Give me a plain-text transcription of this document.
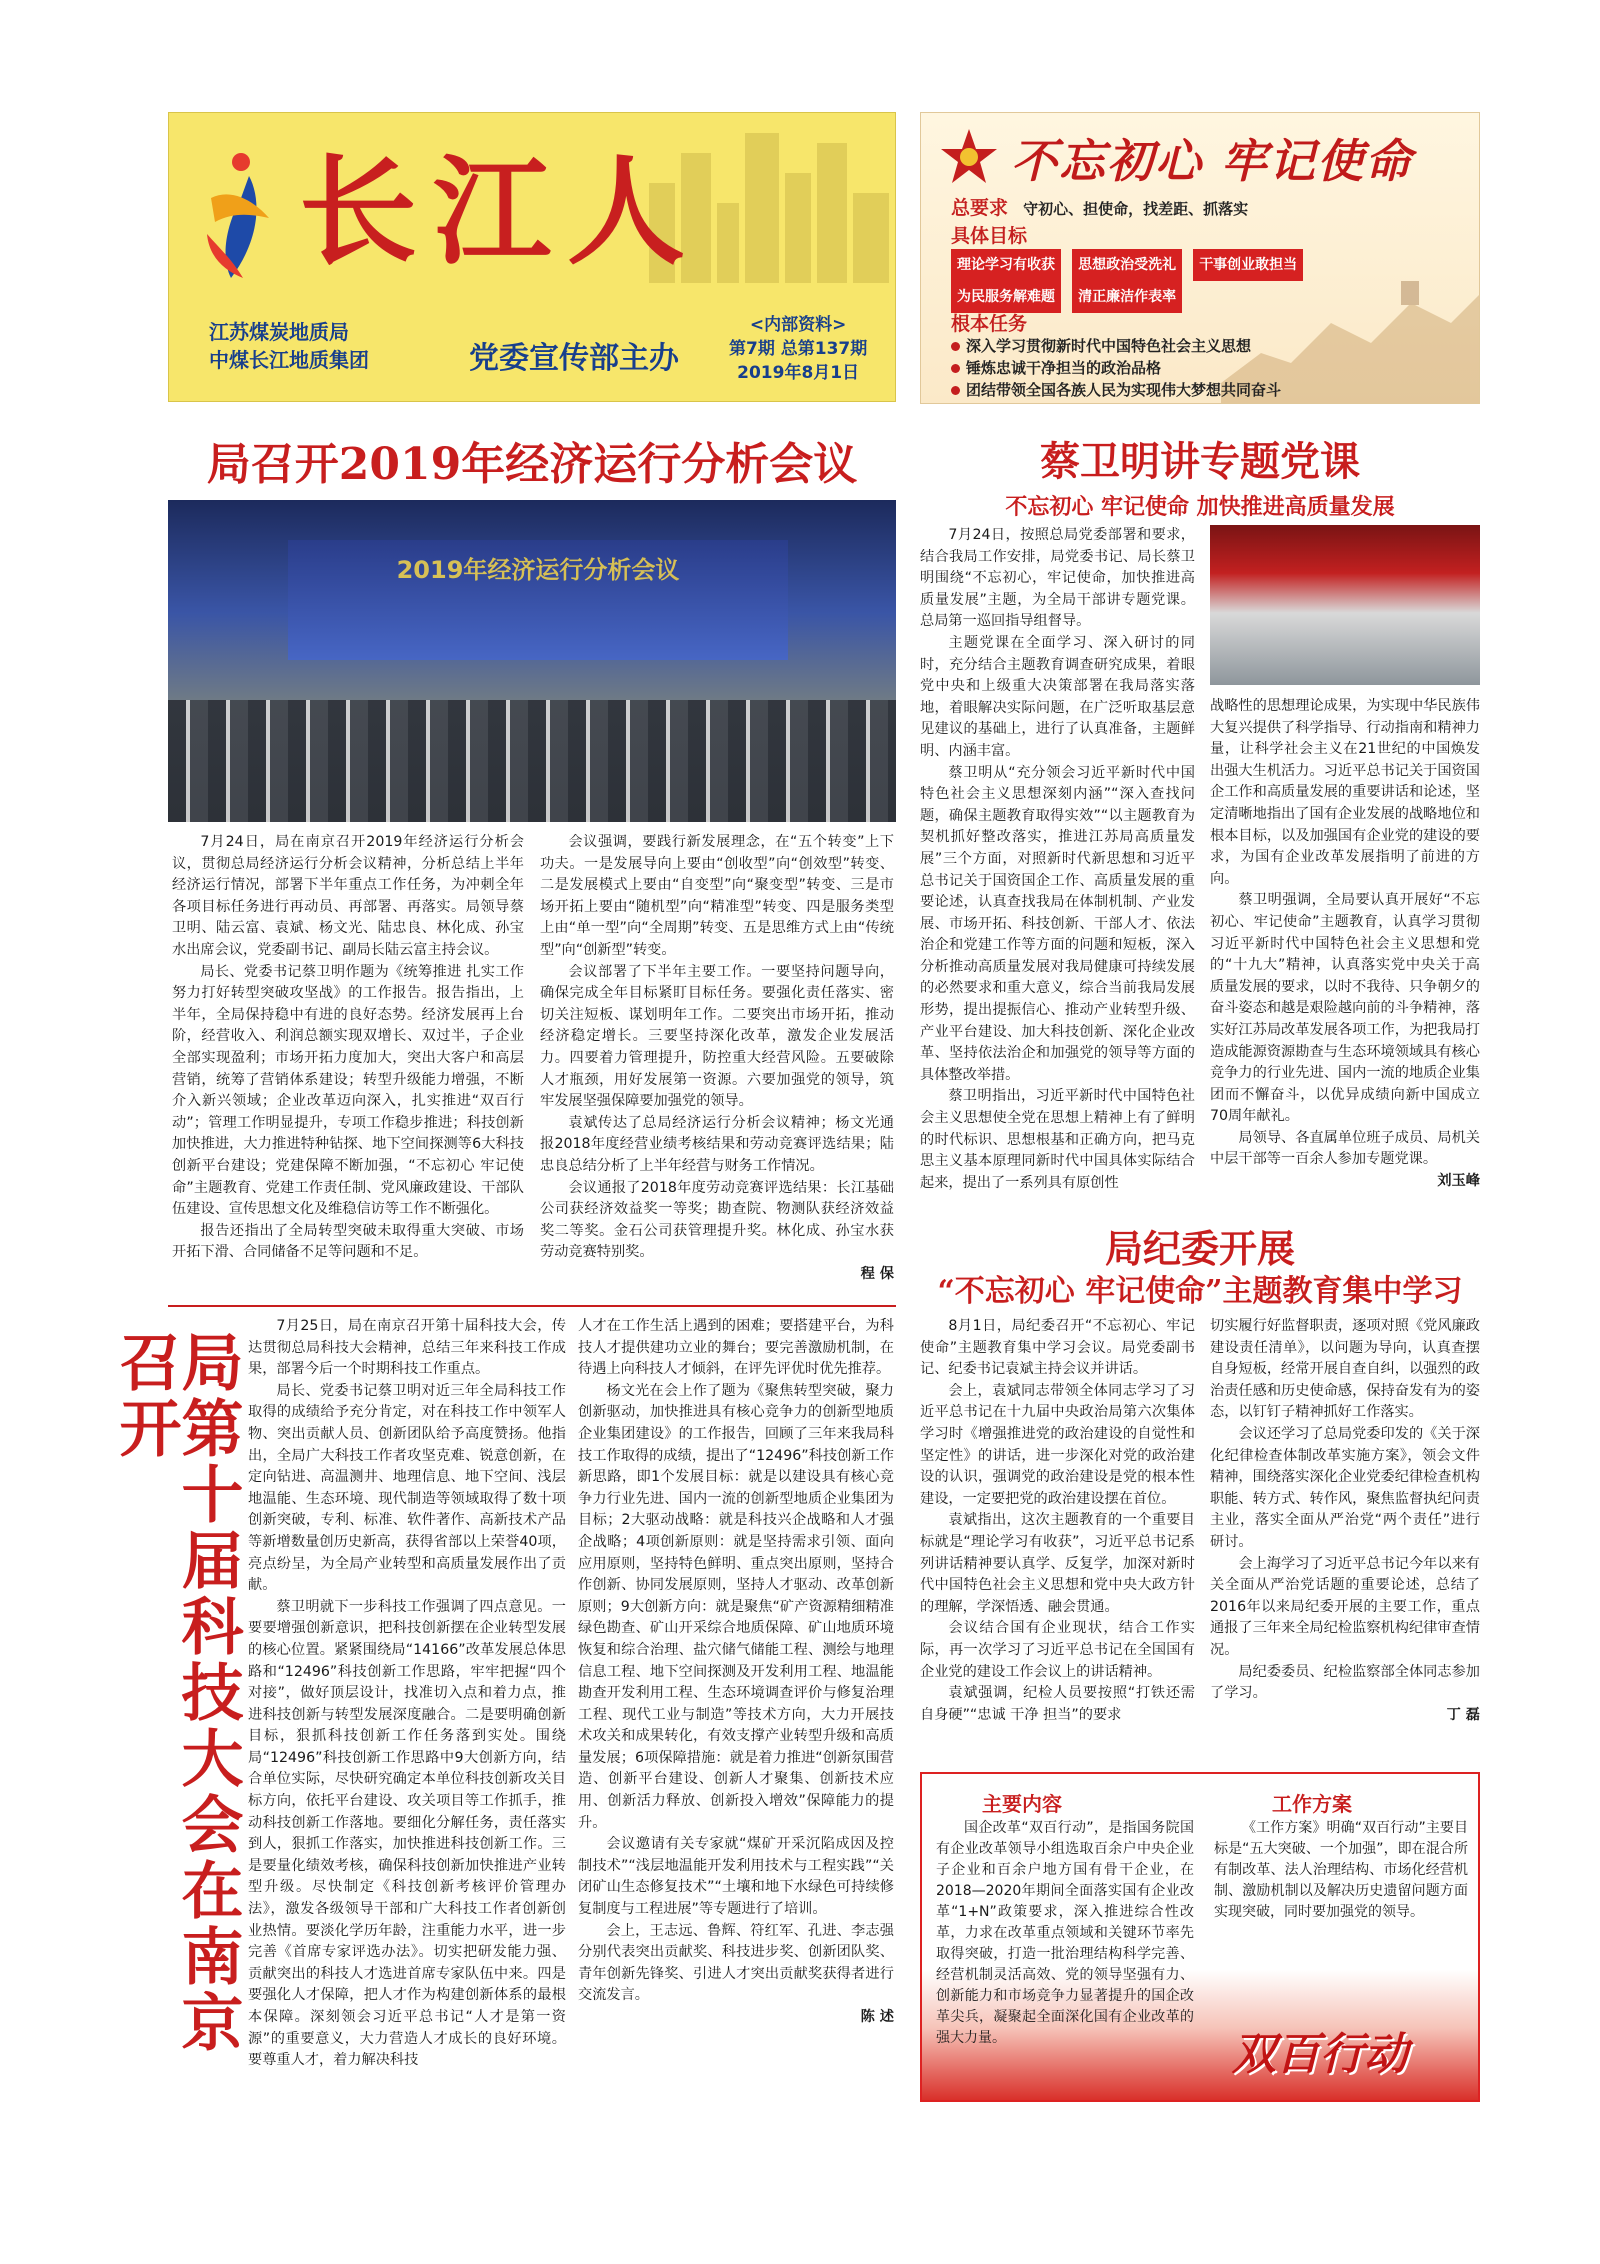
长江人
江苏煤炭地质局
中煤长江地质集团	党委宣传部主办
<内部资料>
第7期 总第137期
2019年8月1日
不忘初心 牢记使命
总要求 守初心、担使命，找差距、抓落实
具体目标
理论学习有收获 思想政治受洗礼 干事创业敢担当
为民服务解难题 清正廉洁作表率
根本任务
深入学习贯彻新时代中国特色社会主义思想
锤炼忠诚干净担当的政治品格
团结带领全国各族人民为实现伟大梦想共同奋斗
局召开2019年经济运行分析会议
2019年经济运行分析会议

7月24日，局在南京召开2019年经济运行分析会议，贯彻总局经济运行分析会议精神，分析总结上半年经济运行情况，部署下半年重点工作任务，为冲刺全年各项目标任务进行再动员、再部署、再落实。局领导蔡卫明、陆云富、袁斌、杨文光、陆忠良、林化成、孙宝水出席会议，党委副书记、副局长陆云富主持会议。

局长、党委书记蔡卫明作题为《统筹推进 扎实工作 努力打好转型突破攻坚战》的工作报告。报告指出，上半年，全局保持稳中有进的良好态势。经济发展再上台阶，经营收入、利润总额实现双增长、双过半，子企业全部实现盈利；市场开拓力度加大，突出大客户和高层营销，统筹了营销体系建设；转型升级能力增强，不断介入新兴领域；企业改革迈向深入，扎实推进“双百行动”；管理工作明显提升，专项工作稳步推进；科技创新加快推进，大力推进特种钻探、地下空间探测等6大科技创新平台建设；党建保障不断加强，“不忘初心 牢记使命”主题教育、党建工作责任制、党风廉政建设、干部队伍建设、宣传思想文化及维稳信访等工作不断强化。

报告还指出了全局转型突破未取得重大突破、市场开拓下滑、合同储备不足等问题和不足。

会议强调，要践行新发展理念，在“五个转变”上下功夫。一是发展导向上要由“创收型”向“创效型”转变、二是发展模式上要由“自变型”向“聚变型”转变、三是市场开拓上要由“随机型”向“精准型”转变、四是服务类型上由“单一型”向“全周期”转变、五是思维方式上由“传统型”向“创新型”转变。

会议部署了下半年主要工作。一要坚持问题导向，确保完成全年目标紧盯目标任务。要强化责任落实、密切关注短板、谋划明年工作。二要突出市场开拓，推动经济稳定增长。三要坚持深化改革，激发企业发展活力。四要着力管理提升，防控重大经营风险。五要破除人才瓶颈，用好发展第一资源。六要加强党的领导，筑牢发展坚强保障要加强党的领导。

袁斌传达了总局经济运行分析会议精神；杨文光通报2018年度经营业绩考核结果和劳动竞赛评选结果；陆忠良总结分析了上半年经营与财务工作情况。

会议通报了2018年度劳动竞赛评选结果：长江基础公司获经济效益奖一等奖；勘查院、物测队获经济效益奖二等奖。金石公司获管理提升奖。林化成、孙宝水获劳动竞赛特别奖。

程 保
蔡卫明讲专题党课
不忘初心 牢记使命 加快推进高质量发展

7月24日，按照总局党委部署和要求，结合我局工作安排，局党委书记、局长蔡卫明围绕“不忘初心，牢记使命，加快推进高质量发展”主题，为全局干部讲专题党课。总局第一巡回指导组督导。

主题党课在全面学习、深入研讨的同时，充分结合主题教育调查研究成果，着眼党中央和上级重大决策部署在我局落实落地，着眼解决实际问题，在广泛听取基层意见建议的基础上，进行了认真准备，主题鲜明、内涵丰富。

蔡卫明从“充分领会习近平新时代中国特色社会主义思想深刻内涵”“深入查找问题，确保主题教育取得实效”“以主题教育为契机抓好整改落实，推进江苏局高质量发展”三个方面，对照新时代新思想和习近平总书记关于国资国企工作、高质量发展的重要论述，认真查找我局在体制机制、产业发展、市场开拓、科技创新、干部人才、依法治企和党建工作等方面的问题和短板，深入分析推动高质量发展对我局健康可持续发展的必然要求和重大意义，综合当前我局发展形势，提出提振信心、推动产业转型升级、产业平台建设、加大科技创新、深化企业改革、坚持依法治企和加强党的领导等方面的具体整改举措。

蔡卫明指出，习近平新时代中国特色社会主义思想使全党在思想上精神上有了鲜明的时代标识、思想根基和正确方向，把马克思主义基本原理同新时代中国具体实际结合起来，提出了一系列具有原创性

战略性的思想理论成果，为实现中华民族伟大复兴提供了科学指导、行动指南和精神力量，让科学社会主义在21世纪的中国焕发出强大生机活力。习近平总书记关于国资国企工作和高质量发展的重要讲话和论述，坚定清晰地指出了国有企业发展的战略地位和根本目标，以及加强国有企业党的建设的要求，为国有企业改革发展指明了前进的方向。

蔡卫明强调，全局要认真开展好“不忘初心、牢记使命”主题教育，认真学习贯彻习近平新时代中国特色社会主义思想和党的“十九大”精神，认真落实党中央关于高质量发展的要求，以时不我待、只争朝夕的奋斗姿态和越是艰险越向前的斗争精神，落实好江苏局改革发展各项工作，为把我局打造成能源资源勘查与生态环境领域具有核心竞争力的行业先进、国内一流的地质企业集团而不懈奋斗，以优异成绩向新中国成立70周年献礼。

局领导、各直属单位班子成员、局机关中层干部等一百余人参加专题党课。

刘玉峰
局第十届科技大会在南京召开

7月25日，局在南京召开第十届科技大会，传达贯彻总局科技大会精神，总结三年来科技工作成果，部署今后一个时期科技工作重点。

局长、党委书记蔡卫明对近三年全局科技工作取得的成绩给予充分肯定，对在科技工作中领军人物、突出贡献人员、创新团队给予高度赞扬。他指出，全局广大科技工作者攻坚克难、锐意创新，在定向钻进、高温测井、地理信息、地下空间、浅层地温能、生态环境、现代制造等领域取得了数十项创新突破，专利、标准、软件著作、高新技术产品等新增数量创历史新高，获得省部以上荣誉40项，亮点纷呈，为全局产业转型和高质量发展作出了贡献。

蔡卫明就下一步科技工作强调了四点意见。一要要增强创新意识，把科技创新摆在企业转型发展的核心位置。紧紧围绕局“14166”改革发展总体思路和“12496”科技创新工作思路，牢牢把握“四个对接”，做好顶层设计，找准切入点和着力点，推进科技创新与转型发展深度融合。二是要明确创新目标，狠抓科技创新工作任务落到实处。围绕局“12496”科技创新工作思路中9大创新方向，结合单位实际，尽快研究确定本单位科技创新攻关目标方向，依托平台建设、攻关项目等工作抓手，推动科技创新工作落地。要细化分解任务，责任落实到人，狠抓工作落实，加快推进科技创新工作。三是要量化绩效考核，确保科技创新加快推进产业转型升级。尽快制定《科技创新考核评价管理办法》，激发各级领导干部和广大科技工作者创新创业热情。要淡化学历年龄，注重能力水平，进一步完善《首席专家评选办法》。切实把研发能力强、贡献突出的科技人才选进首席专家队伍中来。四是要强化人才保障，把人才作为构建创新体系的最根本保障。深刻领会习近平总书记“人才是第一资源”的重要意义，大力营造人才成长的良好环境。要尊重人才，着力解决科技

人才在工作生活上遇到的困难；要搭建平台，为科技人才提供建功立业的舞台；要完善激励机制，在待遇上向科技人才倾斜，在评先评优时优先推荐。

杨文光在会上作了题为《聚焦转型突破，聚力创新驱动，加快推进具有核心竞争力的创新型地质企业集团建设》的工作报告，回顾了三年来我局科技工作取得的成绩，提出了“12496”科技创新工作新思路，即1个发展目标：就是以建设具有核心竞争力行业先进、国内一流的创新型地质企业集团为目标；2大驱动战略：就是科技兴企战略和人才强企战略；4项创新原则：就是坚持需求引领、面向应用原则，坚持特色鲜明、重点突出原则，坚持合作创新、协同发展原则，坚持人才驱动、改革创新原则；9大创新方向：就是聚焦“矿产资源精细精准绿色勘查、矿山开采综合地质保障、矿山地质环境恢复和综合治理、盐穴储气储能工程、测绘与地理信息工程、地下空间探测及开发利用工程、地温能勘查开发利用工程、生态环境调查评价与修复治理工程、现代工业与制造”等技术方向，大力开展技术攻关和成果转化，有效支撑产业转型升级和高质量发展；6项保障措施：就是着力推进“创新氛围营造、创新平台建设、创新人才聚集、创新技术应用、创新活力释放、创新投入增效”保障能力的提升。

会议邀请有关专家就“煤矿开采沉陷成因及控制技术”“浅层地温能开发利用技术与工程实践”“关闭矿山生态修复技术”“土壤和地下水绿色可持续修复制度与工程进展”等专题进行了培训。

会上，王志远、鲁辉、符红军、孔进、李志强分别代表突出贡献奖、科技进步奖、创新团队奖、青年创新先锋奖、引进人才突出贡献奖获得者进行交流发言。

陈 述
局纪委开展
“不忘初心 牢记使命”主题教育集中学习

8月1日，局纪委召开“不忘初心、牢记使命”主题教育集中学习会议。局党委副书记、纪委书记袁斌主持会议并讲话。

会上，袁斌同志带领全体同志学习了习近平总书记在十九届中央政治局第六次集体学习时《增强推进党的政治建设的自觉性和坚定性》的讲话，进一步深化对党的政治建设的认识，强调党的政治建设是党的根本性建设，一定要把党的政治建设摆在首位。

袁斌指出，这次主题教育的一个重要目标就是“理论学习有收获”，习近平总书记系列讲话精神要认真学、反复学，加深对新时代中国特色社会主义思想和党中央大政方针的理解，学深悟透、融会贯通。

会议结合国有企业现状，结合工作实际，再一次学习了习近平总书记在全国国有企业党的建设工作会议上的讲话精神。

袁斌强调，纪检人员要按照“打铁还需自身硬”“忠诚 干净 担当”的要求

切实履行好监督职责，逐项对照《党风廉政建设责任清单》，以问题为导向，认真查摆自身短板，经常开展自查自纠，以强烈的政治责任感和历史使命感，保持奋发有为的姿态，以钉钉子精神抓好工作落实。

会议还学习了总局党委印发的《关于深化纪律检查体制改革实施方案》，领会文件精神，围绕落实深化企业党委纪律检查机构职能、转方式、转作风，聚焦监督执纪问责主业，落实全面从严治党“两个责任”进行研讨。

会上海学习了习近平总书记今年以来有关全面从严治党话题的重要论述，总结了2016年以来局纪委开展的主要工作，重点通报了三年来全局纪检监察机构纪律审查情况。

局纪委委员、纪检监察部全体同志参加了学习。

丁 磊
主要内容	工作方案

国企改革“双百行动”，是指国务院国有企业改革领导小组选取百余户中央企业子企业和百余户地方国有骨干企业，在2018—2020年期间全面落实国有企业改革“1+N”政策要求，深入推进综合性改革，力求在改革重点领域和关键环节率先取得突破，打造一批治理结构科学完善、经营机制灵活高效、党的领导坚强有力、创新能力和市场竞争力显著提升的国企改革尖兵，凝聚起全面深化国有企业改革的强大力量。

《工作方案》明确“双百行动”主要目标是“五大突破、一个加强”，即在混合所有制改革、法人治理结构、市场化经营机制、激励机制以及解决历史遗留问题方面实现突破，同时要加强党的领导。

双百行动
